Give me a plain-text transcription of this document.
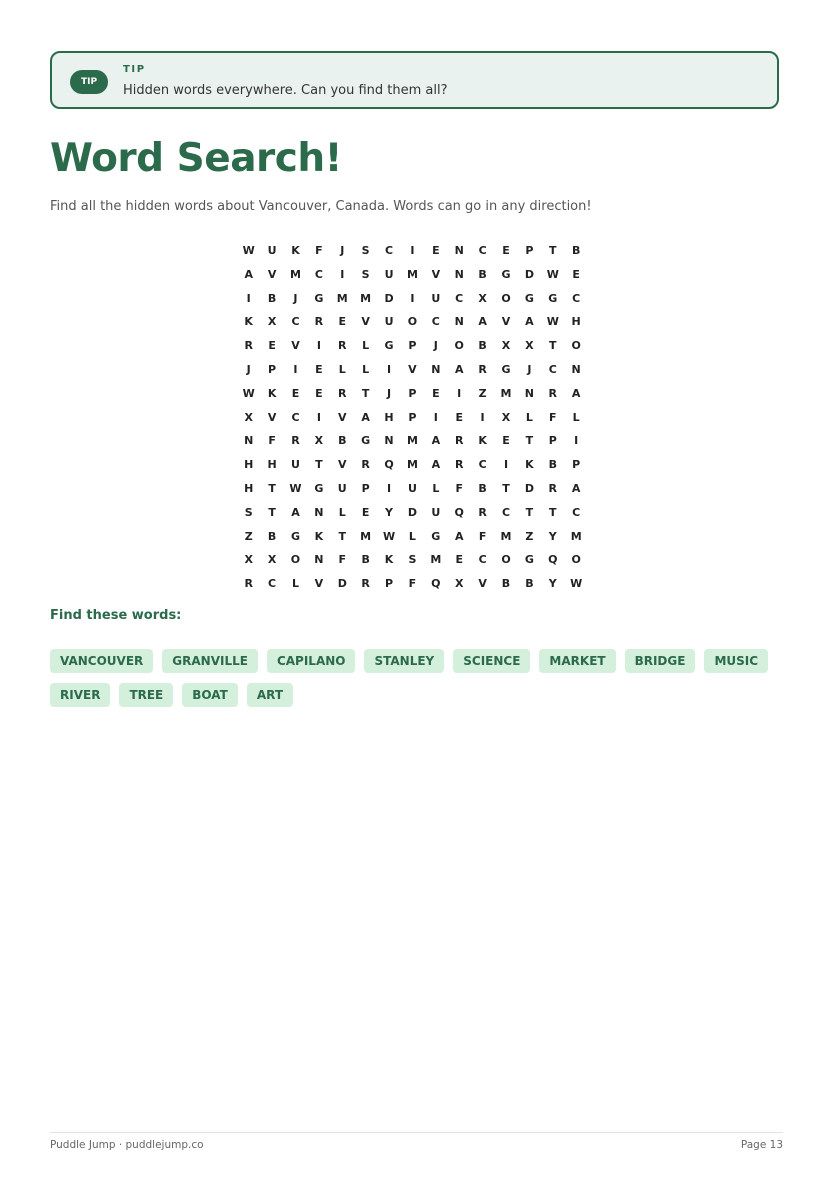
TIP
TIP
Hidden words everywhere. Can you find them all?
Word Search!
Find all the hidden words about Vancouver, Canada. Words can go in any direction!
W	U	K	F	J	S	C	I	E	N	C	E	P	T	B
A	V	M	C	I	S	U	M	V	N	B	G	D	W	E
I	B	J	G	M	M	D	I	U	C	X	O	G	G	C
K	X	C	R	E	V	U	O	C	N	A	V	A	W	H
R	E	V	I	R	L	G	P	J	O	B	X	X	T	O
J	P	I	E	L	L	I	V	N	A	R	G	J	C	N
W	K	E	E	R	T	J	P	E	I	Z	M	N	R	A
X	V	C	I	V	A	H	P	I	E	I	X	L	F	L
N	F	R	X	B	G	N	M	A	R	K	E	T	P	I
H	H	U	T	V	R	Q	M	A	R	C	I	K	B	P
H	T	W	G	U	P	I	U	L	F	B	T	D	R	A
S	T	A	N	L	E	Y	D	U	Q	R	C	T	T	C
Z	B	G	K	T	M	W	L	G	A	F	M	Z	Y	M
X	X	O	N	F	B	K	S	M	E	C	O	G	Q	O
R	C	L	V	D	R	P	F	Q	X	V	B	B	Y	W
Find these words:
VANCOUVER	GRANVILLE	CAPILANO	STANLEY	SCIENCE	MARKET	BRIDGE	MUSIC
RIVER	TREE	BOAT	ART
Puddle Jump · puddlejump.co	Page 13
